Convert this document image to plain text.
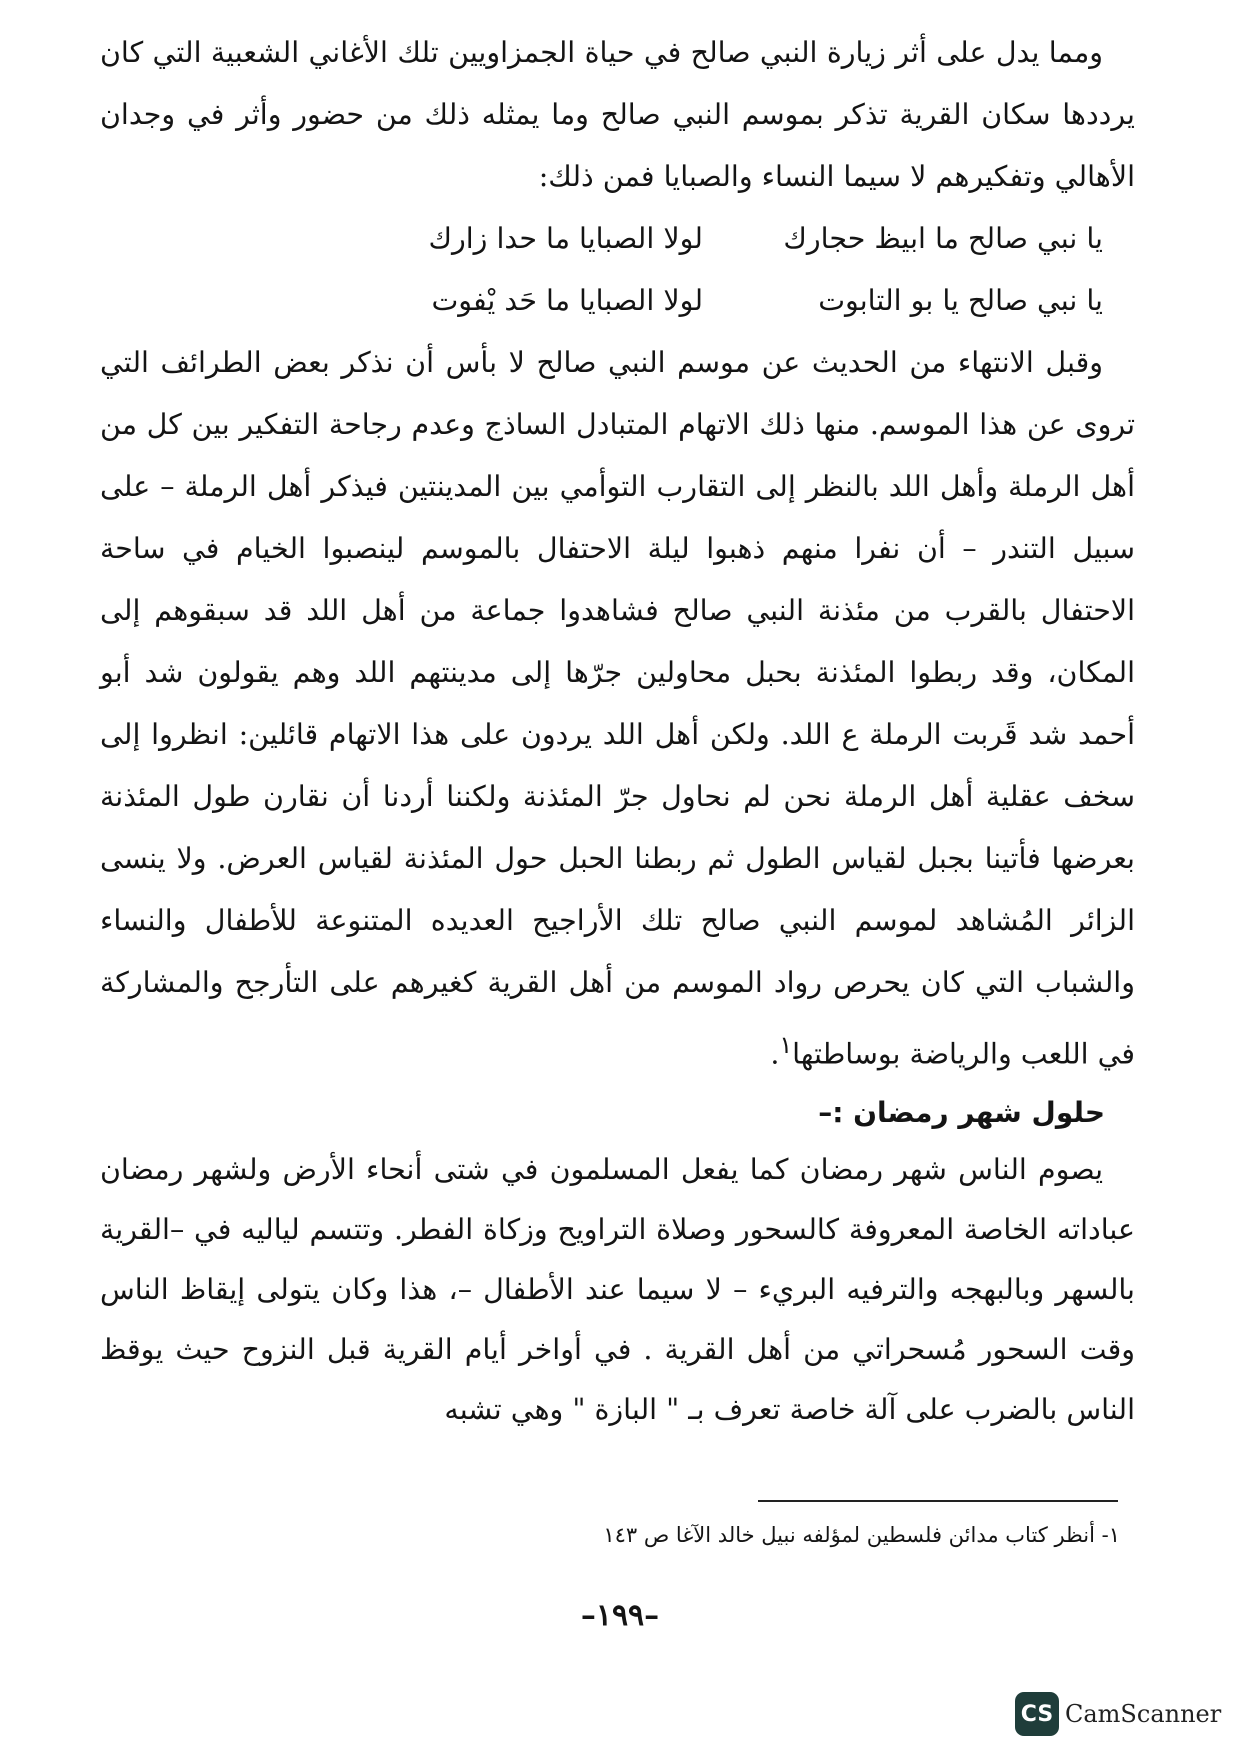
ومما يدل على أثر زيارة النبي صالح في حياة الجمزاويين تلك الأغاني الشعبية التي كان يرددها سكان القرية تذكر بموسم النبي صالح وما يمثله ذلك من حضور وأثر في وجدان الأهالي وتفكيرهم لا سيما النساء والصبايا فمن ذلك:

يا نبي صالح ما ابيظ حجارك
لولا الصبايا ما حدا زارك
يا نبي صالح يا بو التابوت
لولا الصبايا ما حَد يْفوت

وقبل الانتهاء من الحديث عن موسم النبي صالح لا بأس أن نذكر بعض الطرائف التي تروى عن هذا الموسم. منها ذلك الاتهام المتبادل الساذج وعدم رجاحة التفكير بين كل من أهل الرملة وأهل اللد بالنظر إلى التقارب التوأمي بين المدينتين فيذكر أهل الرملة – على سبيل التندر – أن نفرا منهم ذهبوا ليلة الاحتفال بالموسم لينصبوا الخيام في ساحة الاحتفال بالقرب من مئذنة النبي صالح فشاهدوا جماعة من أهل اللد قد سبقوهم إلى المكان، وقد ربطوا المئذنة بحبل محاولين جرّها إلى مدينتهم اللد وهم يقولون شد أبو أحمد شد قَربت الرملة ع اللد. ولكن أهل اللد يردون على هذا الاتهام قائلين: انظروا إلى سخف عقلية أهل الرملة نحن لم نحاول جرّ المئذنة ولكننا أردنا أن نقارن طول المئذنة بعرضها فأتينا بجبل لقياس الطول ثم ربطنا الحبل حول المئذنة لقياس العرض. ولا ينسى الزائر المُشاهد لموسم النبي صالح تلك الأراجيح العديده المتنوعة للأطفال والنساء والشباب التي كان يحرص رواد الموسم من أهل القرية كغيرهم على التأرجح والمشاركة في اللعب والرياضة بوساطتها$^١$.

حلول شهر رمضان :–

يصوم الناس شهر رمضان كما يفعل المسلمون في شتى أنحاء الأرض ولشهر رمضان عباداته الخاصة المعروفة كالسحور وصلاة التراويح وزكاة الفطر. وتتسم لياليه في –القرية بالسهر وبالبهجه والترفيه البريء – لا سيما عند الأطفال –، هذا وكان يتولى إيقاظ الناس وقت السحور مُسحراتي من أهل القرية . في أواخر أيام القرية قبل النزوح حيث يوقظ الناس بالضرب على آلة خاصة تعرف بـ " البازة " وهي تشبه

١- أنظر كتاب مدائن فلسطين لمؤلفه نبيل خالد الآغا ص ١٤٣
–١٩٩–
CS CamScanner
